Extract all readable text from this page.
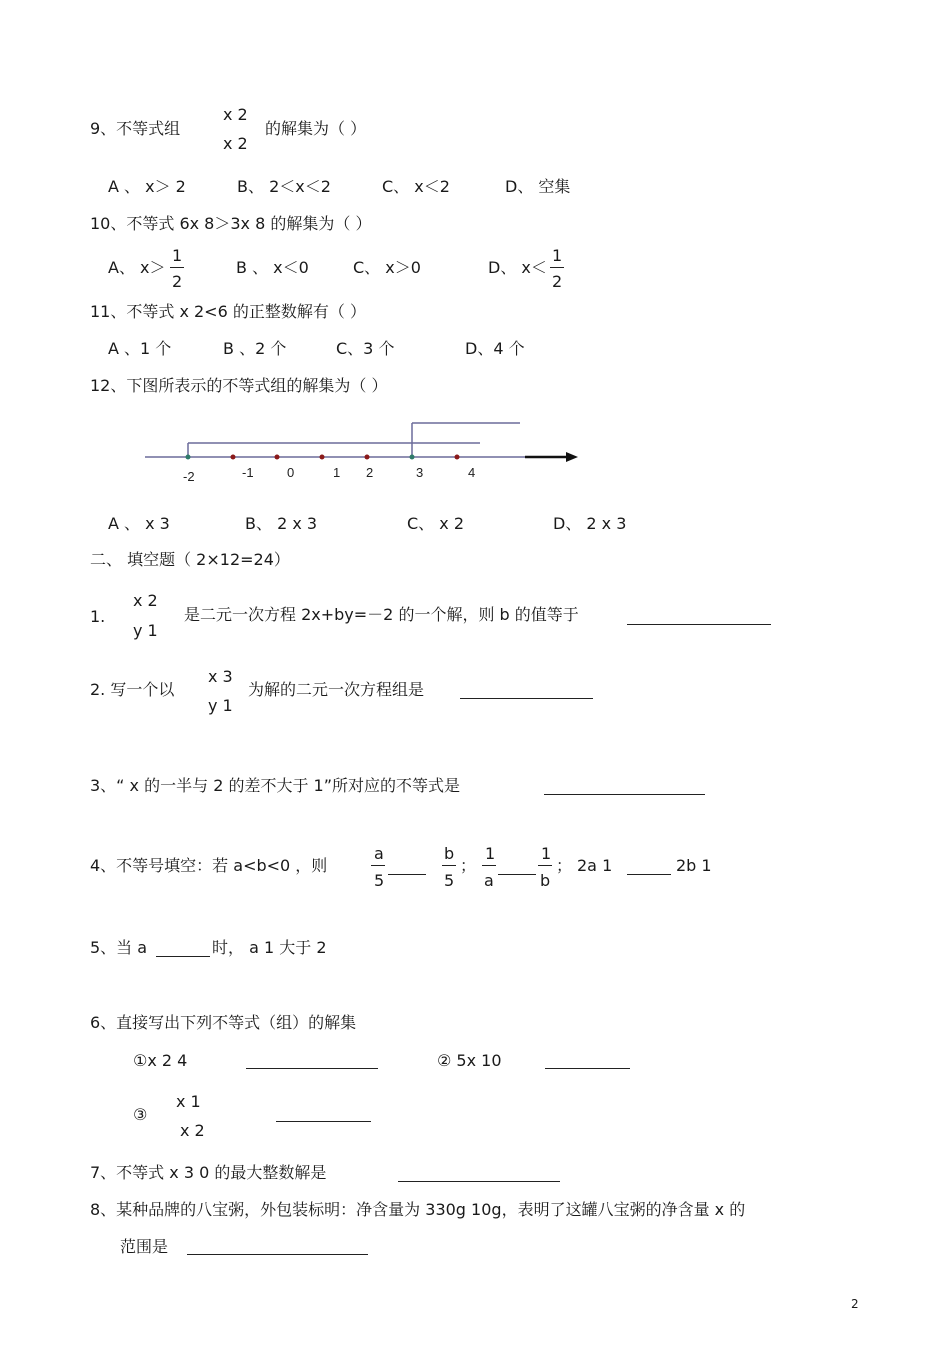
9、不等式组
x 2
x 2
的解集为（ ）
A 、 x＞ 2	B、 2＜x＜2	C、 x＜2	D、 空集
10、不等式 6x 8＞3x 8 的解集为（ ）
A、 x＞
1
2
B 、 x＜0	C、 x＞0	D、 x＜
1
2
11、不等式 x 2<6 的正整数解有（ ）
A 、1 个	B 、2 个	C、3 个	D、4 个
12、下图所表示的不等式组的解集为（ ）
-2	-1	0	1 2	3	4
A 、 x 3	B、 2 x 3	C、 x 2	D、 2 x 3
二、 填空题（ 2×12=24）
1.
x 2
y 1
是二元一次方程 2x+by=－2 的一个解，则 b 的值等于
2. 写一个以
x 3
y 1
为解的二元一次方程组是
3、“ x 的一半与 2 的差不大于 1”所对应的不等式是
4、不等号填空：若 a<b<0 ，则
a
5
b
5
；
1
a
1
b
； 2a 1	2b 1
5、当 a	时， a 1 大于 2
6、直接写出下列不等式（组）的解集
①x 2 4	② 5x 10
③
x 1
x 2
7、不等式 x 3 0 的最大整数解是
8、某种品牌的八宝粥，外包装标明：净含量为 330g 10g，表明了这罐八宝粥的净含量 x 的
范围是
2
